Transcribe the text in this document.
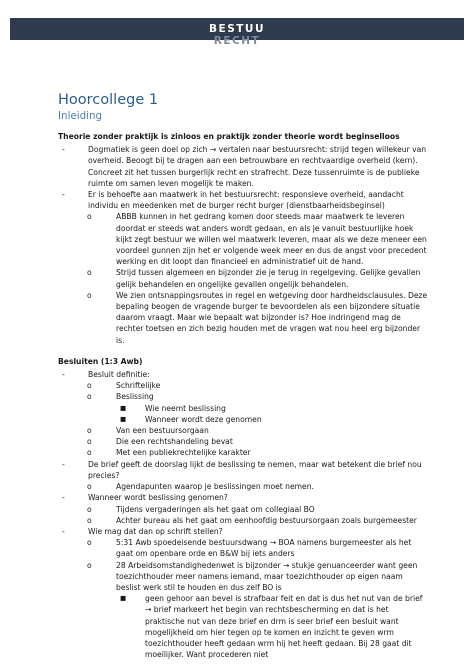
BESTUU
RECHT
Hoorcollege 1
Inleiding
Theorie zonder praktijk is zinloos en praktijk zonder theorie wordt beginselloos
-	Dogmatiek is geen doel op zich → vertalen naar bestuursrecht: strijd tegen willekeur van overheid. Beoogt bij te dragen aan een betrouwbare en rechtvaardige overheid (kern). Concreet zit het tussen burgerlijk recht en strafrecht. Deze tussenruimte is de publieke ruimte om samen leven mogelijk te maken.
-	Er is behoefte aan maatwerk in het bestuursrecht: responsieve overheid, aandacht individu en meedenken met de burger recht burger (dienstbaarheidsbeginsel)
o	ABBB kunnen in het gedrang komen door steeds maar maatwerk te leveren doordat er steeds wat anders wordt gedaan, en als je vanuit bestuurlijke hoek kijkt zegt bestuur we willen wel maatwerk leveren, maar als we deze meneer een voordeel gunnen zijn het er volgende week meer en dus de angst voor precedent werking en dit loopt dan financieel en administratief uit de hand.
o	Strijd tussen algemeen en bijzonder zie je terug in regelgeving. Gelijke gevallen gelijk behandelen en ongelijke gevallen ongelijk behandelen.
o	We zien ontsnappingsroutes in regel en wetgeving door hardheidsclausules. Deze bepaling beogen de vragende burger te bevoordelen als een bijzondere situatie daarom vraagt. Maar wie bepaalt wat bijzonder is? Hoe indringend mag de rechter toetsen en zich bezig houden met de vragen wat nou heel erg bijzonder is.
Besluiten (1:3 Awb)
-	Besluit definitie:
o	Schriftelijke
o	Beslissing
■ Wie neemt beslissing
■ Wanneer wordt deze genomen
o	Van een bestuursorgaan
o	Die een rechtshandeling bevat
o	Met een publiekrechtelijke karakter
-	De brief geeft de doorslag lijkt de beslissing te nemen, maar wat betekent die brief nou precies?
o	Agendapunten waarop je beslissingen moet nemen.
-	Wanneer wordt beslissing genomen?
o	Tijdens vergaderingen als het gaat om collegiaal BO
o	Achter bureau als het gaat om eenhoofdig bestuursorgaan zoals burgemeester
-	Wie mag dat dan op schrift stellen?
o	5:31 Awb spoedeisende bestuursdwang → BOA namens burgemeester als het gaat om openbare orde en B&W bij iets anders
o	28 Arbeidsomstandighedenwet is bijzonder → stukje genuanceerder want geen toezichthouder meer namens iemand, maar toezichthouder op eigen naam beslist werk stil te houden en dus zelf BO is
■ geen gehoor aan bevel is strafbaar feit en dat is dus het nut van de brief → brief markeert het begin van rechtsbescherming en dat is het praktische nut van deze brief en drm is seer brief een besluit want mogelijkheid om hier tegen op te komen en inzicht te geven wrm toezichthouder heeft gedaan wrm hij het heeft gedaan. Bij 28 gaat dit moeilijker. Want procederen niet
